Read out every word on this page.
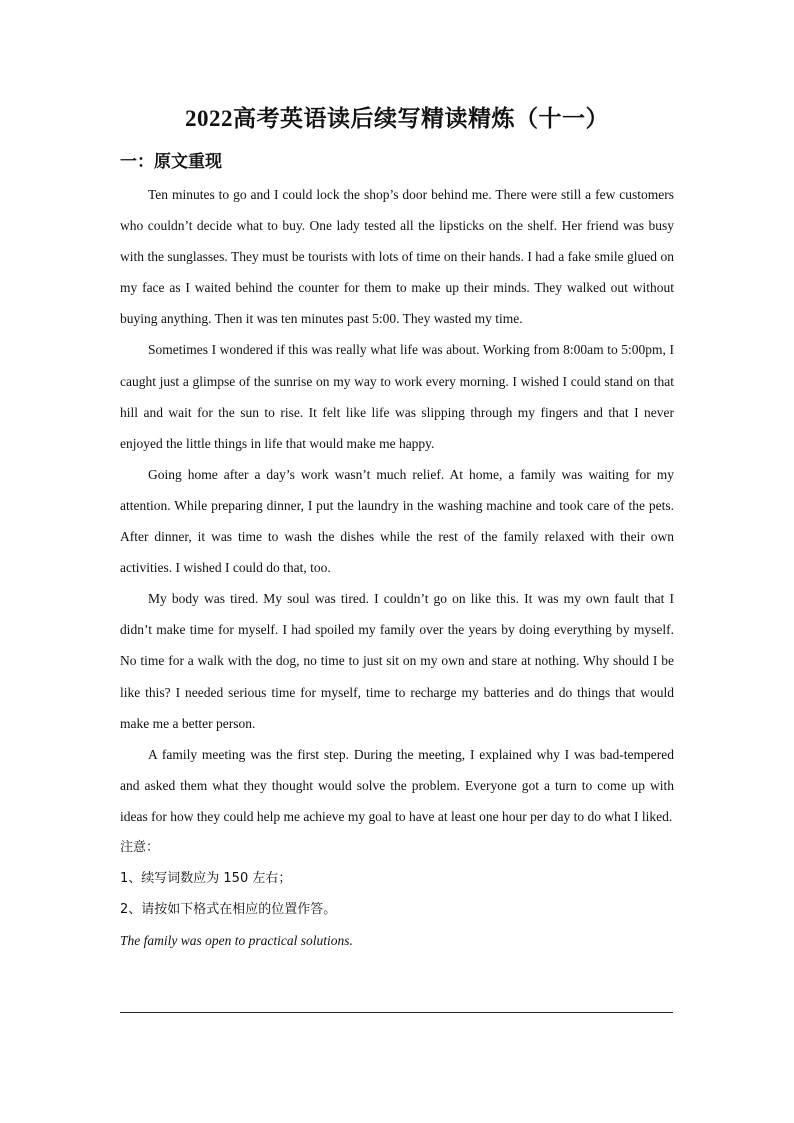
2022高考英语读后续写精读精炼（十一）
一：原文重现

Ten minutes to go and I could lock the shop’s door behind me. There were still a few customers who couldn’t decide what to buy. One lady tested all the lipsticks on the shelf. Her friend was busy with the sunglasses. They must be tourists with lots of time on their hands. I had a fake smile glued on my face as I waited behind the counter for them to make up their minds. They walked out without buying anything. Then it was ten minutes past 5:00. They wasted my time.

Sometimes I wondered if this was really what life was about. Working from 8:00am to 5:00pm, I caught just a glimpse of the sunrise on my way to work every morning. I wished I could stand on that hill and wait for the sun to rise. It felt like life was slipping through my fingers and that I never enjoyed the little things in life that would make me happy.

Going home after a day’s work wasn’t much relief. At home, a family was waiting for my attention. While preparing dinner, I put the laundry in the washing machine and took care of the pets. After dinner, it was time to wash the dishes while the rest of the family relaxed with their own activities. I wished I could do that, too.

My body was tired. My soul was tired. I couldn’t go on like this. It was my own fault that I didn’t make time for myself. I had spoiled my family over the years by doing everything by myself. No time for a walk with the dog, no time to just sit on my own and stare at nothing. Why should I be like this? I needed serious time for myself, time to recharge my batteries and do things that would make me a better person.

A family meeting was the first step. During the meeting, I explained why I was bad-tempered and asked them what they thought would solve the problem. Everyone got a turn to come up with ideas for how they could help me achieve my goal to have at least one hour per day to do what I liked.

注意：

1、续写词数应为 150 左右；

2、请按如下格式在相应的位置作答。

The family was open to practical solutions.
